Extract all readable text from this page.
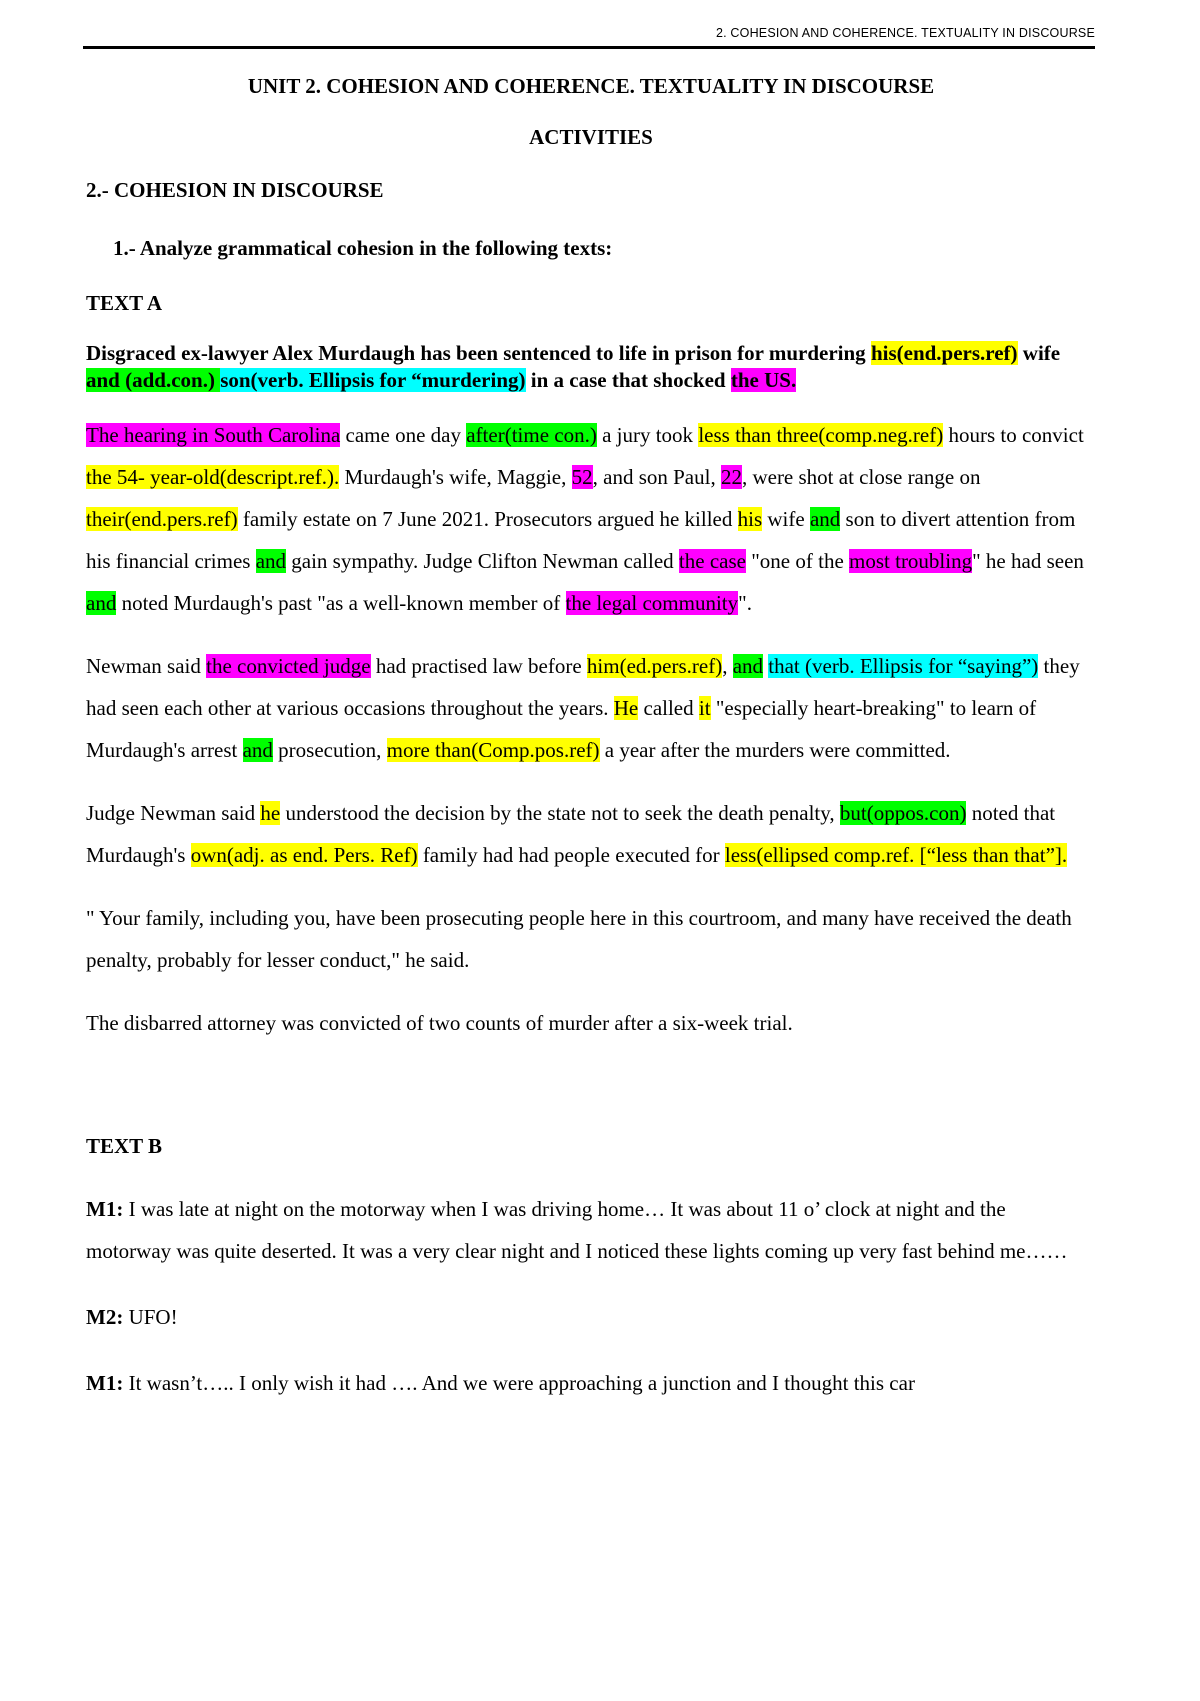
2. COHESION AND COHERENCE. TEXTUALITY IN DISCOURSE

UNIT 2. COHESION AND COHERENCE. TEXTUALITY IN DISCOURSE

ACTIVITIES

2.- COHESION IN DISCOURSE

1.- Analyze grammatical cohesion in the following texts:

TEXT A

Disgraced ex-lawyer Alex Murdaugh has been sentenced to life in prison for murdering his(end.pers.ref) wife and (add.con.) son(verb. Ellipsis for “murdering) in a case that shocked the US.

The hearing in South Carolina came one day after(time con.) a jury took less than three(comp.neg.ref) hours to convict the 54- year-old(descript.ref.). Murdaugh's wife, Maggie, 52, and son Paul, 22, were shot at close range on their(end.pers.ref) family estate on 7 June 2021. Prosecutors argued he killed his wife and son to divert attention from his financial crimes and gain sympathy. Judge Clifton Newman called the case "one of the most troubling" he had seen and noted Murdaugh's past "as a well-known member of the legal community".

Newman said the convicted judge had practised law before him(ed.pers.ref), and that (verb. Ellipsis for “saying”) they had seen each other at various occasions throughout the years. He called it "especially heart-breaking" to learn of Murdaugh's arrest and prosecution, more than(Comp.pos.ref) a year after the murders were committed.

Judge Newman said he understood the decision by the state not to seek the death penalty, but(oppos.con) noted that Murdaugh's own(adj. as end. Pers. Ref) family had had people executed for less(ellipsed comp.ref. [“less than that”].

" Your family, including you, have been prosecuting people here in this courtroom, and many have received the death penalty, probably for lesser conduct," he said.

The disbarred attorney was convicted of two counts of murder after a six-week trial.

TEXT B

M1: I was late at night on the motorway when I was driving home… It was about 11 o’ clock at night and the motorway was quite deserted. It was a very clear night and I noticed these lights coming up very fast behind me……

M2: UFO!

M1: It wasn’t….. I only wish it had …. And we were approaching a junction and I thought this car
